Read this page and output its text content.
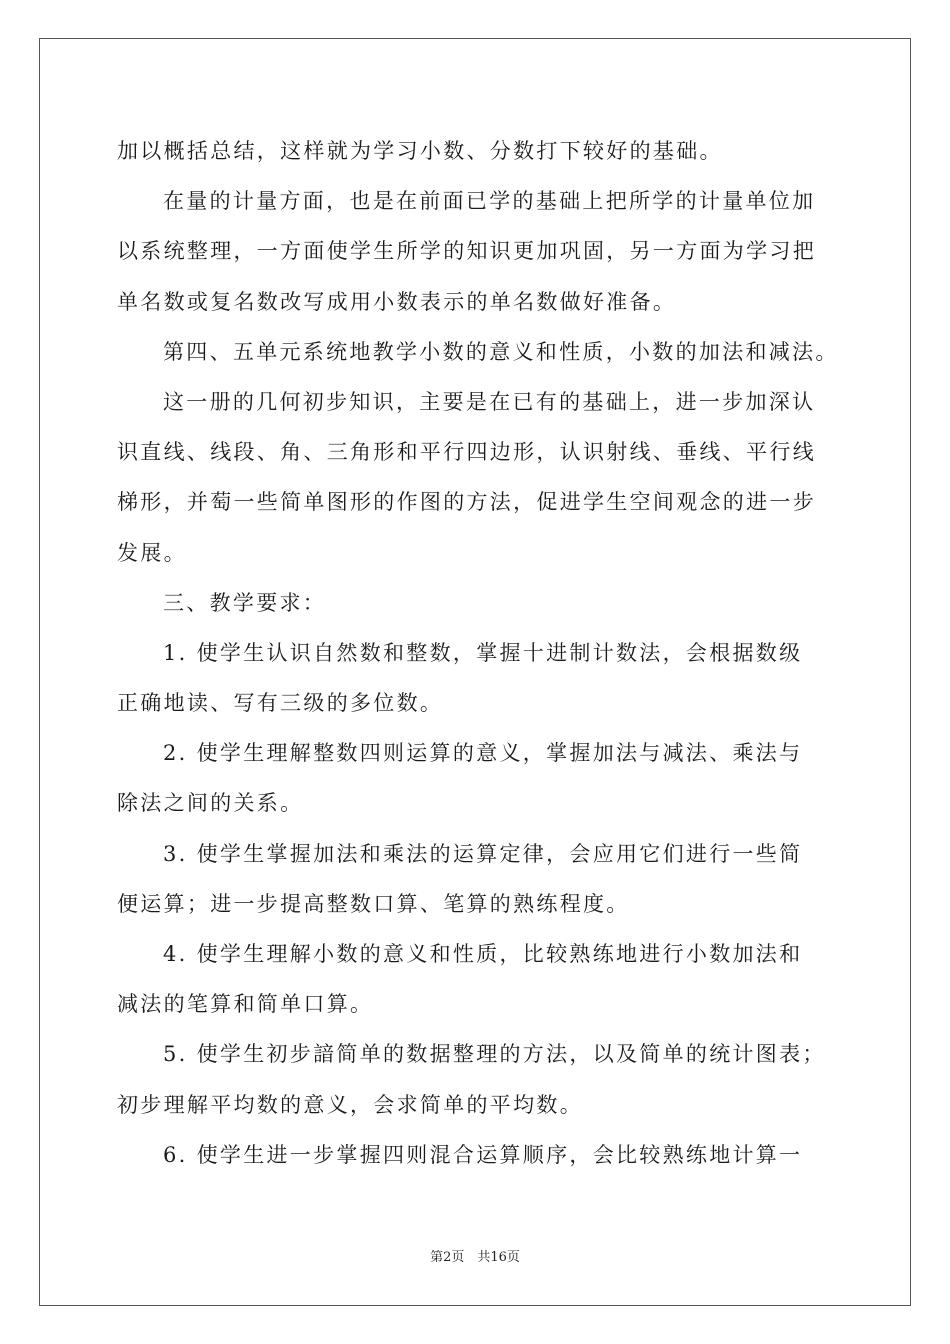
加以概括总结，这样就为学习小数、分数打下较好的基础。
在量的计量方面，也是在前面已学的基础上把所学的计量单位加
以系统整理，一方面使学生所学的知识更加巩固，另一方面为学习把
单名数或复名数改写成用小数表示的单名数做好准备。
第四、五单元系统地教学小数的意义和性质，小数的加法和减法。
这一册的几何初步知识，主要是在已有的基础上，进一步加深认
识直线、线段、角、三角形和平行四边形，认识射线、垂线、平行线
梯形，并萄一些简单图形的作图的方法，促进学生空间观念的进一步
发展。
三、教学要求：
1. 使学生认识自然数和整数，掌握十进制计数法，会根据数级
正确地读、写有三级的多位数。
2. 使学生理解整数四则运算的意义，掌握加法与减法、乘法与
除法之间的关系。
3. 使学生掌握加法和乘法的运算定律，会应用它们进行一些简
便运算；进一步提高整数口算、笔算的熟练程度。
4. 使学生理解小数的意义和性质，比较熟练地进行小数加法和
减法的笔算和简单口算。
5. 使学生初步諳简单的数据整理的方法，以及简单的统计图表；
初步理解平均数的意义，会求简单的平均数。
6. 使学生进一步掌握四则混合运算顺序，会比较熟练地计算一
第2页　共16页
